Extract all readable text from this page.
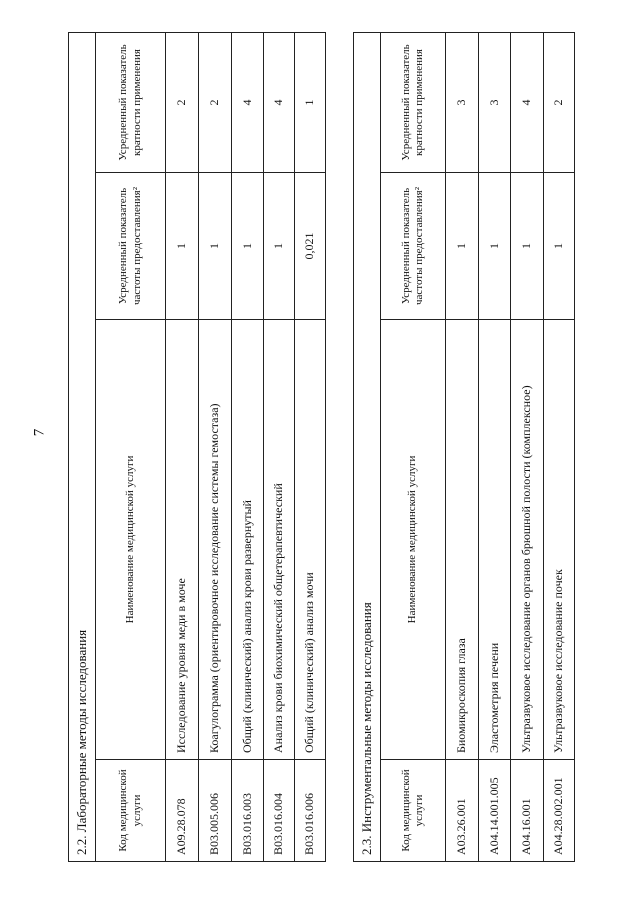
7
2.2. Лабораторные методы исследования			
Код медицинской услуги	Наименование медицинской услуги	Усредненный показатель частоты предоставления²	Усредненный показатель кратности применения
A09.28.078	Исследование уровня меди в моче	1	2
B03.005.006	Коагулограмма (ориентировочное исследование системы гемостаза)	1	2
B03.016.003	Общий (клинический) анализ крови развернутый	1	4
B03.016.004	Анализ крови биохимический общетерапевтический	1	4
B03.016.006	Общий (клинический) анализ мочи	0,021	1
2.3. Инструментальные методы исследования			
Код медицинской услуги	Наименование медицинской услуги	Усредненный показатель частоты предоставления²	Усредненный показатель кратности применения
A03.26.001	Биомикроскопия глаза	1	3
A04.14.001.005	Эластометрия печени	1	3
A04.16.001	Ультразвуковое исследование органов брюшной полости (комплексное)	1	4
A04.28.002.001	Ультразвуковое исследование почек	1	2
